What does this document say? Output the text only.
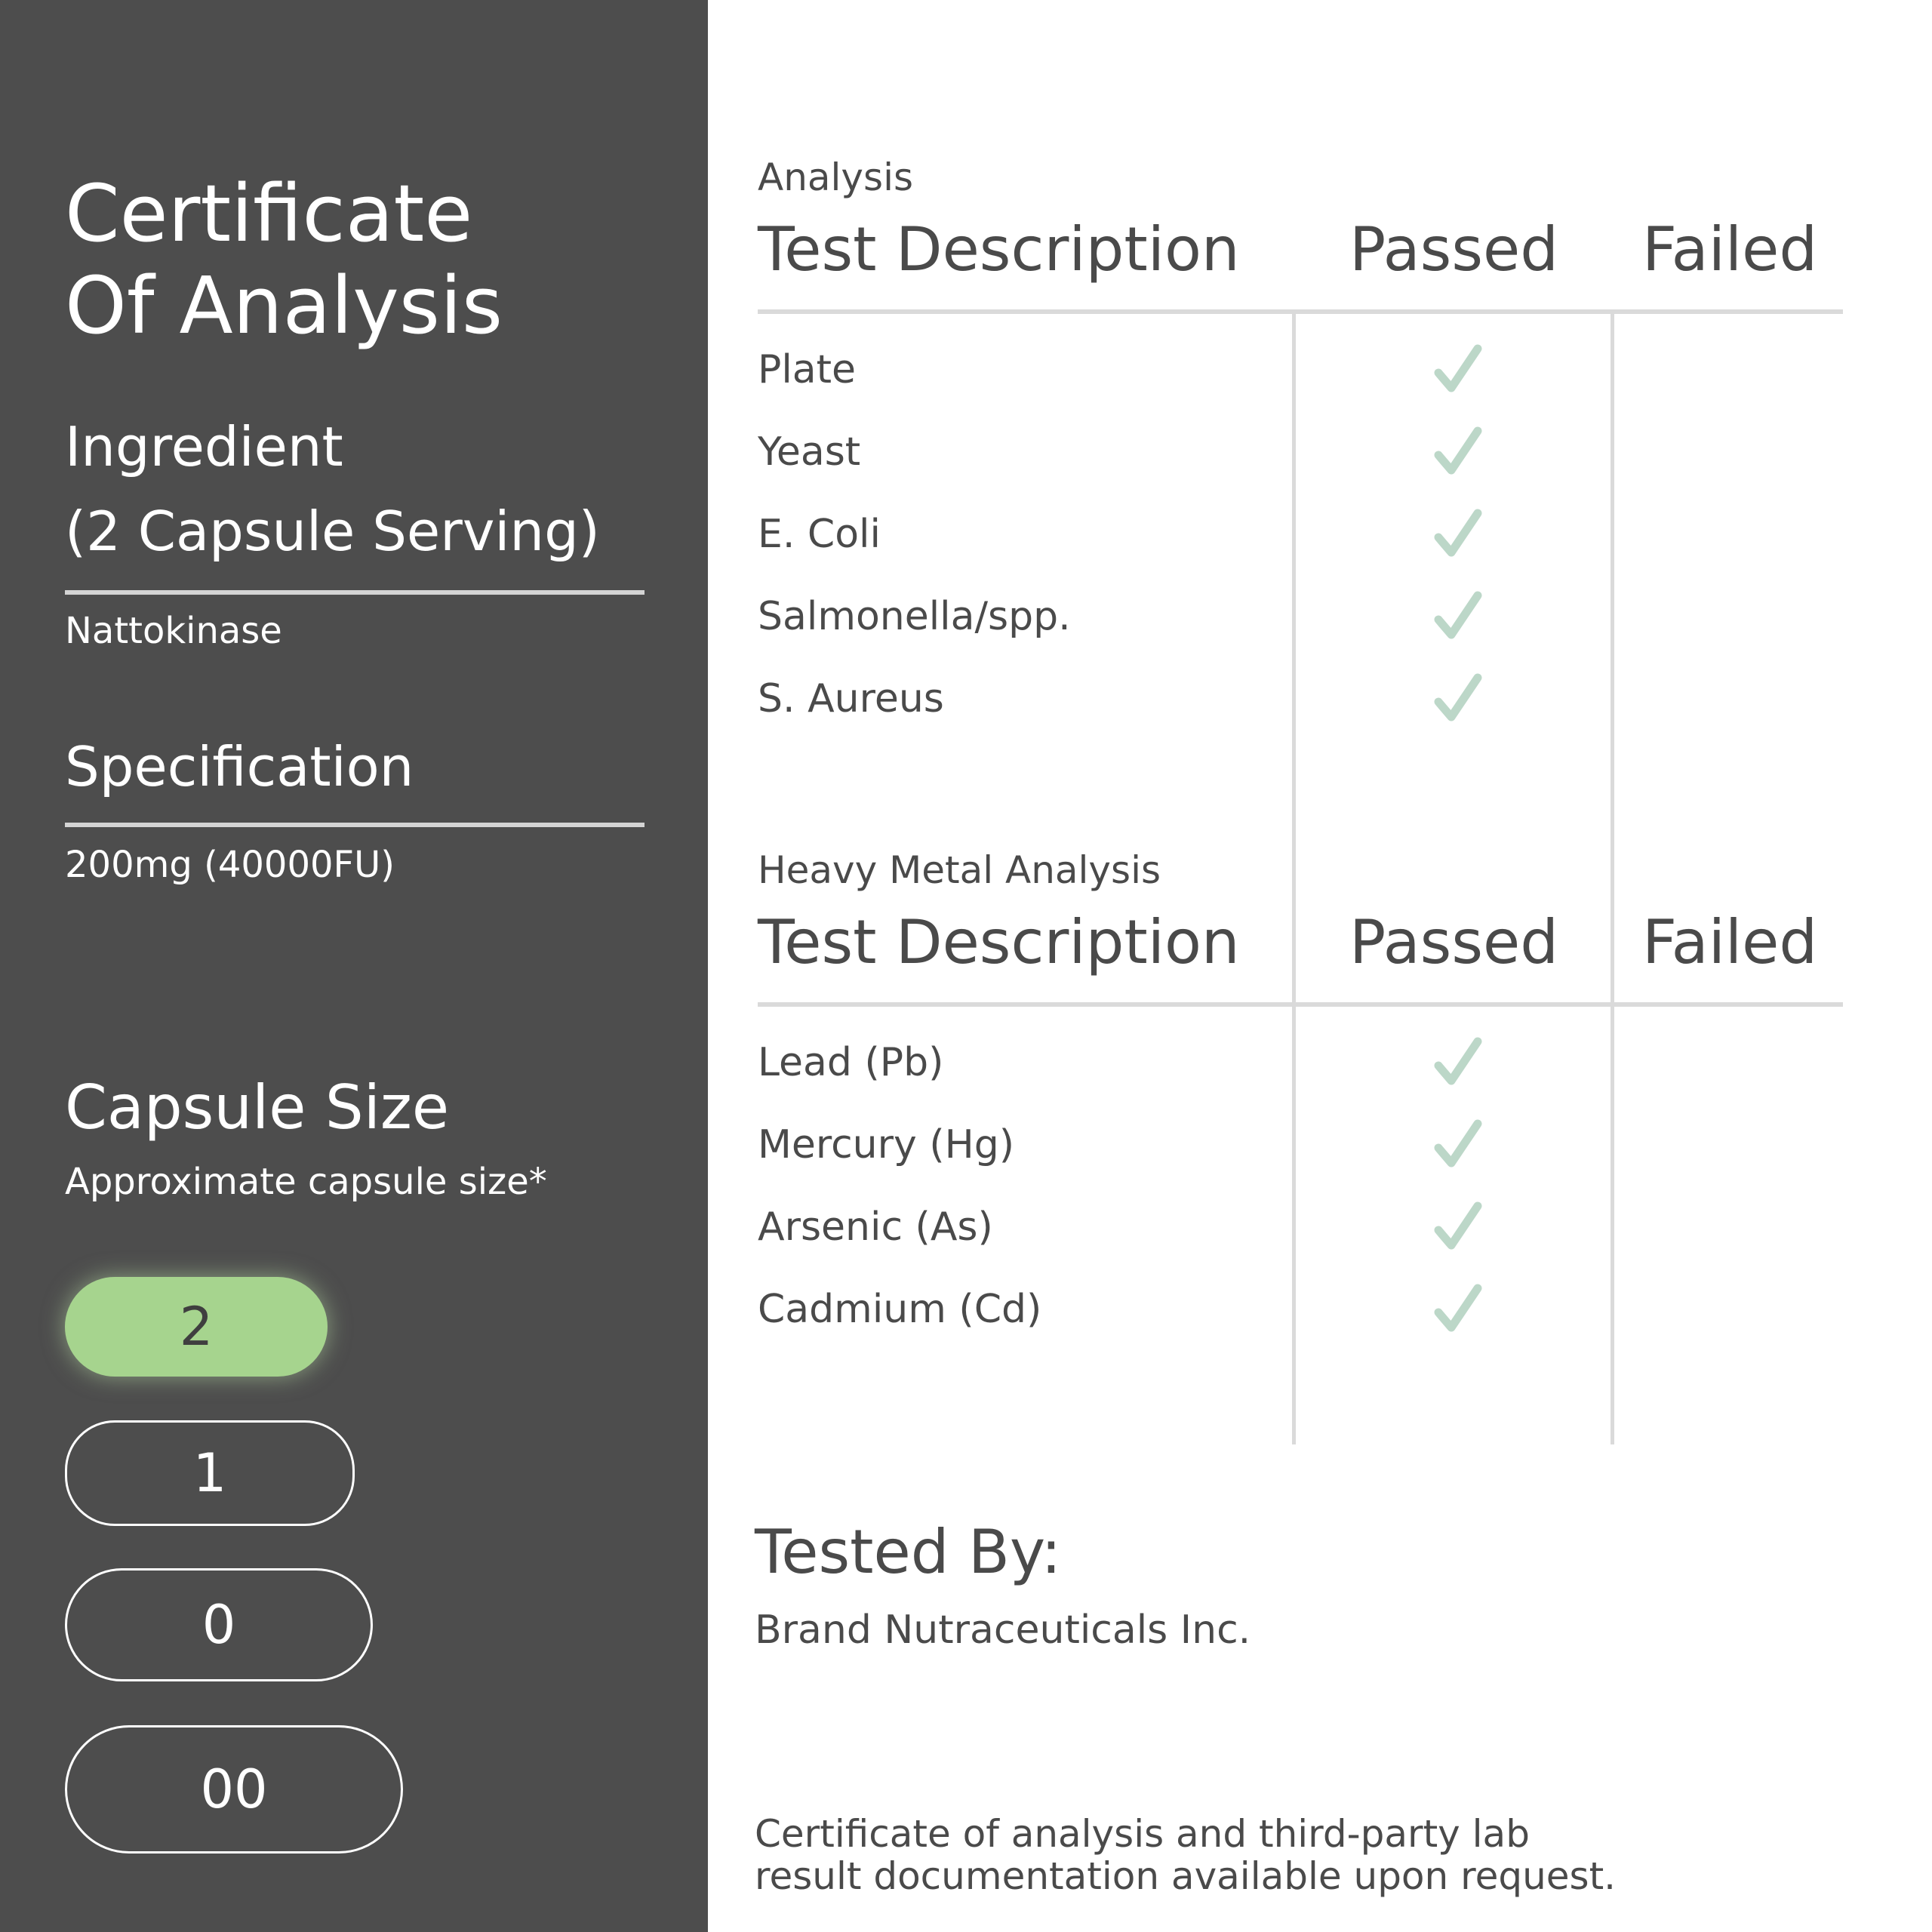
Certificate
Of Analysis
Ingredient
(2 Capsule Serving)
Nattokinase
Specification
200mg (40000FU)
Capsule Size
Approximate capsule size*
2
1
0
00
Analysis
Test Description Passed Failed
Plate
Yeast
E. Coli
Salmonella/spp.
S. Aureus
Heavy Metal Analysis
Test Description Passed Failed
Lead (Pb)
Mercury (Hg)
Arsenic (As)
Cadmium (Cd)
Tested By:
Brand Nutraceuticals Inc.
Certificate of analysis and third-party lab
result documentation available upon request.
